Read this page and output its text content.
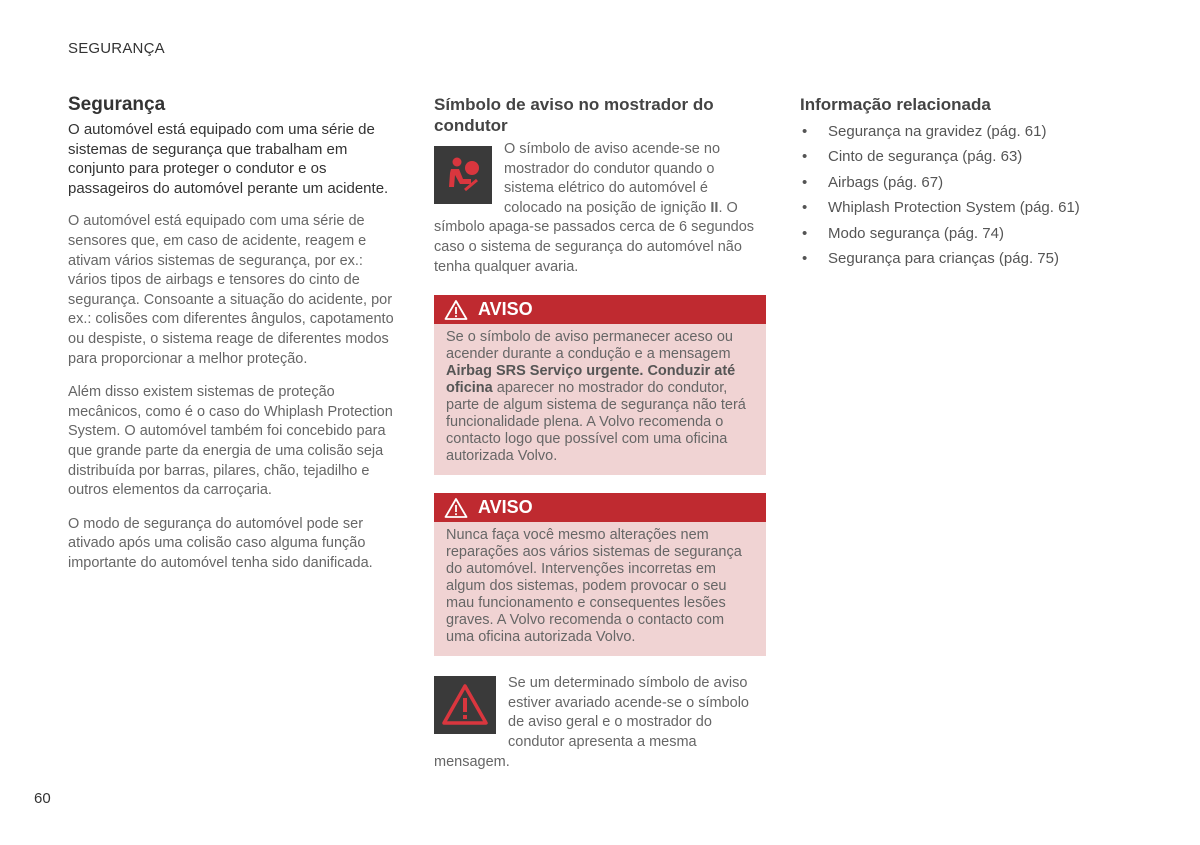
SEGURANÇA
Segurança

O automóvel está equipado com uma série de sistemas de segurança que trabalham em conjunto para proteger o condutor e os passageiros do automóvel perante um acidente.

O automóvel está equipado com uma série de sensores que, em caso de acidente, reagem e ativam vários sistemas de segurança, por ex.: vários tipos de airbags e tensores do cinto de segurança. Consoante a situação do acidente, por ex.: colisões com diferentes ângulos, capotamento ou despiste, o sistema reage de diferentes modos para proporcionar a melhor proteção.

Além disso existem sistemas de proteção mecânicos, como é o caso do Whiplash Protection System. O automóvel também foi concebido para que grande parte da energia de uma colisão seja distribuída por barras, pilares, chão, tejadilho e outros elementos da carroçaria.

O modo de segurança do automóvel pode ser ativado após uma colisão caso alguma função importante do automóvel tenha sido danificada.

Símbolo de aviso no mostrador do condutor

O símbolo de aviso acende-se no mostrador do condutor quando o sistema elétrico do automóvel é colocado na posição de ignição II. O símbolo apaga-se passados cerca de 6 segundos caso o sistema de segurança do automóvel não tenha qualquer avaria.

AVISO
Se o símbolo de aviso permanecer aceso ou acender durante a condução e a mensagem Airbag SRS Serviço urgente. Conduzir até oficina aparecer no mostrador do condutor, parte de algum sistema de segurança não terá funcionalidade plena. A Volvo recomenda o contacto logo que possível com uma oficina autorizada Volvo.
AVISO
Nunca faça você mesmo alterações nem reparações aos vários sistemas de segurança do automóvel. Intervenções incorretas em algum dos sistemas, podem provocar o seu mau funcionamento e consequentes lesões graves. A Volvo recomenda o contacto com uma oficina autorizada Volvo.

Se um determinado símbolo de aviso estiver avariado acende-se o símbolo de aviso geral e o mostrador do condutor apresenta a mesma mensagem.

Informação relacionada
• Segurança na gravidez (pág. 61)
• Cinto de segurança (pág. 63)
• Airbags (pág. 67)
• Whiplash Protection System (pág. 61)
• Modo segurança (pág. 74)
• Segurança para crianças (pág. 75)
60
